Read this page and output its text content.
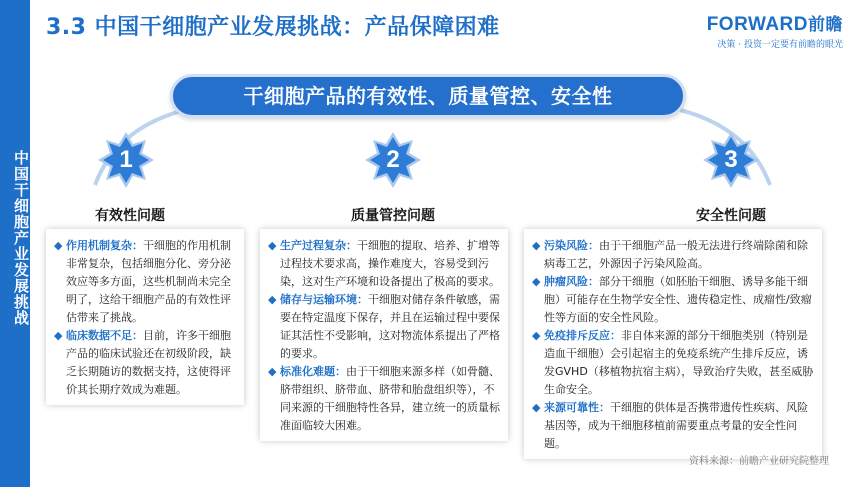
中国干细胞产业发展挑战
3.3 中国干细胞产业发展挑战：产品保障困难	FORWARD前瞻
决策 · 投资一定要有前瞻的眼光
干细胞产品的有效性、质量管控、安全性
1
有效性问题
◆ 作用机制复杂：干细胞的作用机制非常复杂，包括细胞分化、旁分泌效应等多方面，这些机制尚未完全明了，这给干细胞产品的有效性评估带来了挑战。
◆ 临床数据不足：目前，许多干细胞产品的临床试验还在初级阶段，缺乏长期随访的数据支持，这使得评价其长期疗效成为难题。
2
质量管控问题
◆ 生产过程复杂：干细胞的提取、培养、扩增等过程技术要求高，操作难度大，容易受到污染，这对生产环境和设备提出了极高的要求。
◆ 储存与运输环境：干细胞对储存条件敏感，需要在特定温度下保存，并且在运输过程中要保证其活性不受影响，这对物流体系提出了严格的要求。
◆ 标准化难题：由于干细胞来源多样（如骨髓、脐带组织、脐带血、脐带和胎盘组织等），不同来源的干细胞特性各异，建立统一的质量标准面临较大困难。
3
安全性问题
◆ 污染风险：由于干细胞产品一般无法进行终端除菌和除病毒工艺，外源因子污染风险高。
◆ 肿瘤风险：部分干细胞（如胚胎干细胞、诱导多能干细胞）可能存在生物学安全性、遗传稳定性、成瘤性/致瘤性等方面的安全性风险。
◆ 免疫排斥反应：非自体来源的部分干细胞类别（特别是造血干细胞）会引起宿主的免疫系统产生排斥反应，诱发GVHD（移植物抗宿主病），导致治疗失败，甚至威胁生命安全。
◆ 来源可靠性：干细胞的供体是否携带遗传性疾病、风险基因等，成为干细胞移植前需要重点考量的安全性问题。
资料来源：前瞻产业研究院整理
